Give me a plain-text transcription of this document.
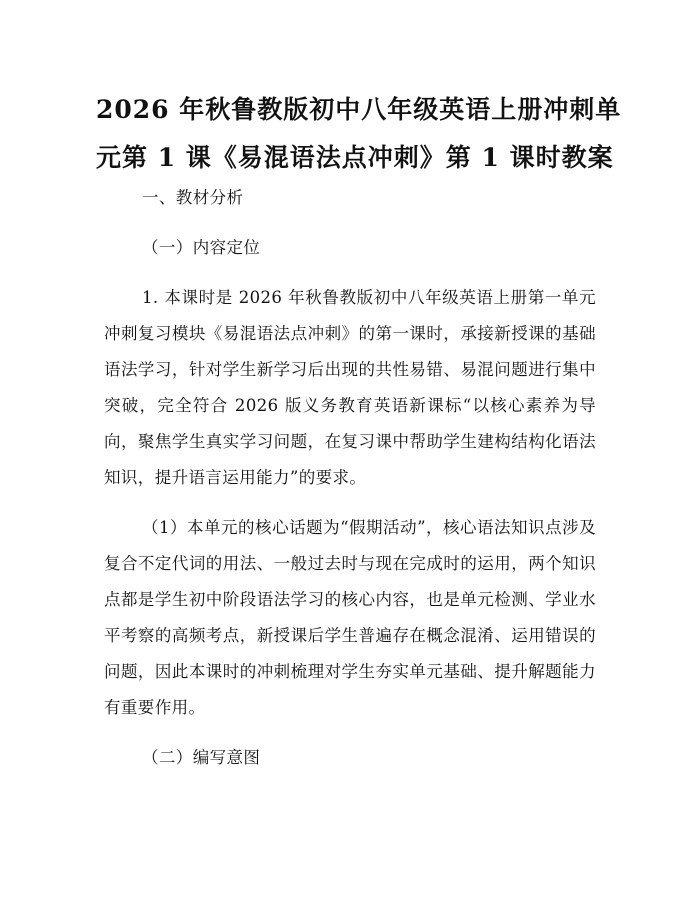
2026 年秋鲁教版初中八年级英语上册冲刺单
元第 1 课《易混语法点冲刺》第 1 课时教案

一、教材分析

（一）内容定位

1. 本课时是 2026 年秋鲁教版初中八年级英语上册第一单元冲刺复习模块《易混语法点冲刺》的第一课时，承接新授课的基础语法学习，针对学生新学习后出现的共性易错、易混问题进行集中突破，完全符合 2026 版义务教育英语新课标“以核心素养为导向，聚焦学生真实学习问题，在复习课中帮助学生建构结构化语法知识，提升语言运用能力”的要求。

（1）本单元的核心话题为“假期活动”，核心语法知识点涉及复合不定代词的用法、一般过去时与现在完成时的运用，两个知识点都是学生初中阶段语法学习的核心内容，也是单元检测、学业水平考察的高频考点，新授课后学生普遍存在概念混淆、运用错误的问题，因此本课时的冲刺梳理对学生夯实单元基础、提升解题能力有重要作用。

（二）编写意图
